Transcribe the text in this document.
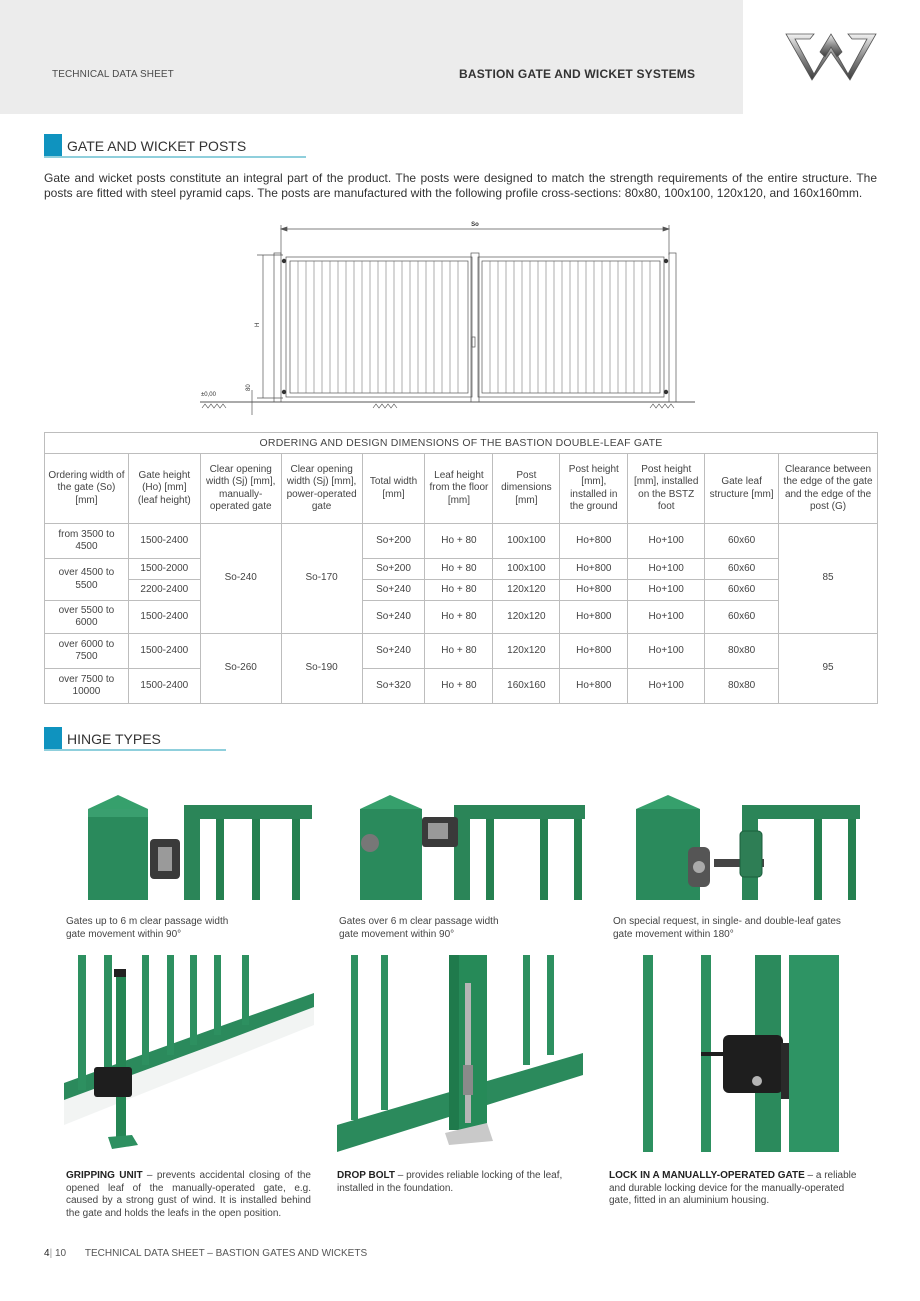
TECHNICAL DATA SHEET	BASTION GATE AND WICKET SYSTEMS
GATE AND WICKET POSTS

Gate and wicket posts constitute an integral part of the product. The posts were designed to match the strength requirements of the entire structure. The posts are fitted with steel pyramid caps. The posts are manufactured with the following profile cross-sections: 80x80, 100x100, 120x120, and 160x160mm.

So
H
80
±0,00
ORDERING AND DESIGN DIMENSIONS OF THE BASTION DOUBLE-LEAF GATE										
Ordering width of the gate (So) [mm]	Gate height (Ho) [mm] (leaf height)	Clear opening width (Sj) [mm], manually-operated gate	Clear opening width (Sj) [mm], power-operated gate	Total width [mm]	Leaf height from the floor [mm]	Post dimensions [mm]	Post height [mm], installed in the ground	Post height [mm], installed on the BSTZ foot	Gate leaf structure [mm]	Clearance between the edge of the gate and the edge of the post (G)
from 3500 to 4500	1500-2400	So-240	So-170	So+200	Ho + 80	100x100	Ho+800	Ho+100	60x60	85
over 4500 to 5500	1500-2000			So+200	Ho + 80	100x100	Ho+800	Ho+100	60x60	
	2200-2400			So+240	Ho + 80	120x120	Ho+800	Ho+100	60x60	
over 5500 to 6000	1500-2400			So+240	Ho + 80	120x120	Ho+800	Ho+100	60x60	
over 6000 to 7500	1500-2400	So-260	So-190	So+240	Ho + 80	120x120	Ho+800	Ho+100	80x80	95
over 7500 to 10000	1500-2400			So+320	Ho + 80	160x160	Ho+800	Ho+100	80x80	
HINGE TYPES
Gates up to 6 m clear passage width
gate movement within 90°
Gates over 6 m clear passage width
gate movement within 90°
On special request, in single- and double-leaf gates
gate movement within 180°
GRIPPING UNIT – prevents accidental closing of the opened leaf of the manually-operated gate, e.g. caused by a strong gust of wind. It is installed behind the gate and holds the leafs in the open position.
DROP BOLT – provides reliable locking of the leaf, installed in the foundation.
LOCK IN A MANUALLY-OPERATED GATE – a reliable and durable locking device for the manually-operated gate, fitted in an aluminium housing.
4| 10 TECHNICAL DATA SHEET – BASTION GATES AND WICKETS
